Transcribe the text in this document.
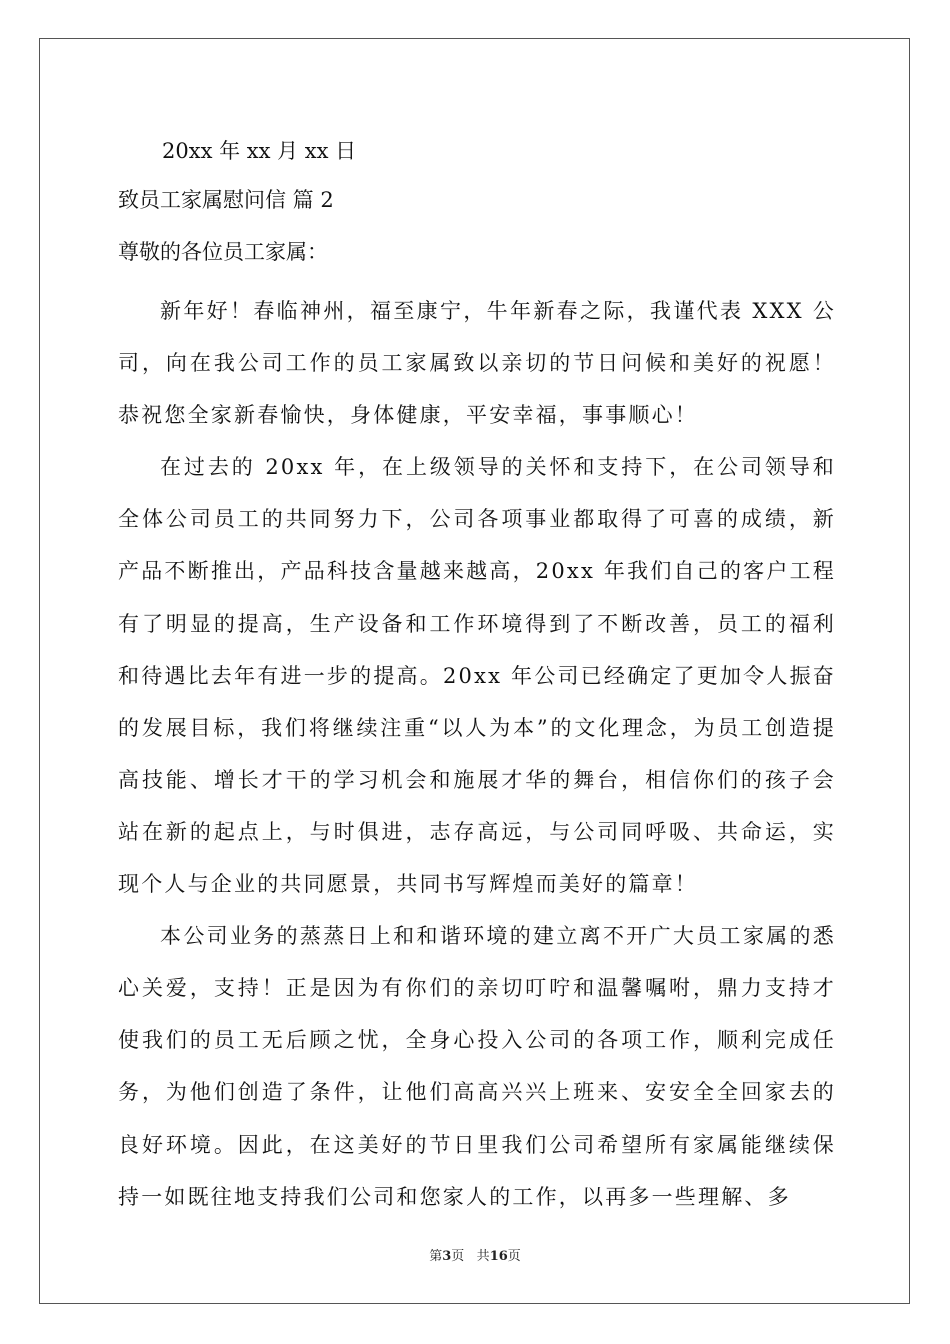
20xx 年 xx 月 xx 日

致员工家属慰问信 篇 2

尊敬的各位员工家属：

新年好！春临神州，福至康宁，牛年新春之际，我谨代表 XXX 公司，向在我公司工作的员工家属致以亲切的节日问候和美好的祝愿！恭祝您全家新春愉快，身体健康，平安幸福，事事顺心！

在过去的 20xx 年，在上级领导的关怀和支持下，在公司领导和全体公司员工的共同努力下，公司各项事业都取得了可喜的成绩，新产品不断推出，产品科技含量越来越高，20xx 年我们自己的客户工程有了明显的提高，生产设备和工作环境得到了不断改善，员工的福利和待遇比去年有进一步的提高。20xx 年公司已经确定了更加令人振奋的发展目标，我们将继续注重“以人为本”的文化理念，为员工创造提高技能、增长才干的学习机会和施展才华的舞台，相信你们的孩子会站在新的起点上，与时俱进，志存高远，与公司同呼吸、共命运，实现个人与企业的共同愿景，共同书写辉煌而美好的篇章！

本公司业务的蒸蒸日上和和谐环境的建立离不开广大员工家属的悉心关爱，支持！正是因为有你们的亲切叮咛和温馨嘱咐，鼎力支持才使我们的员工无后顾之忧，全身心投入公司的各项工作，顺利完成任务，为他们创造了条件，让他们高高兴兴上班来、安安全全回家去的良好环境。因此，在这美好的节日里我们公司希望所有家属能继续保持一如既往地支持我们公司和您家人的工作，以再多一些理解、多

第3页 共16页
